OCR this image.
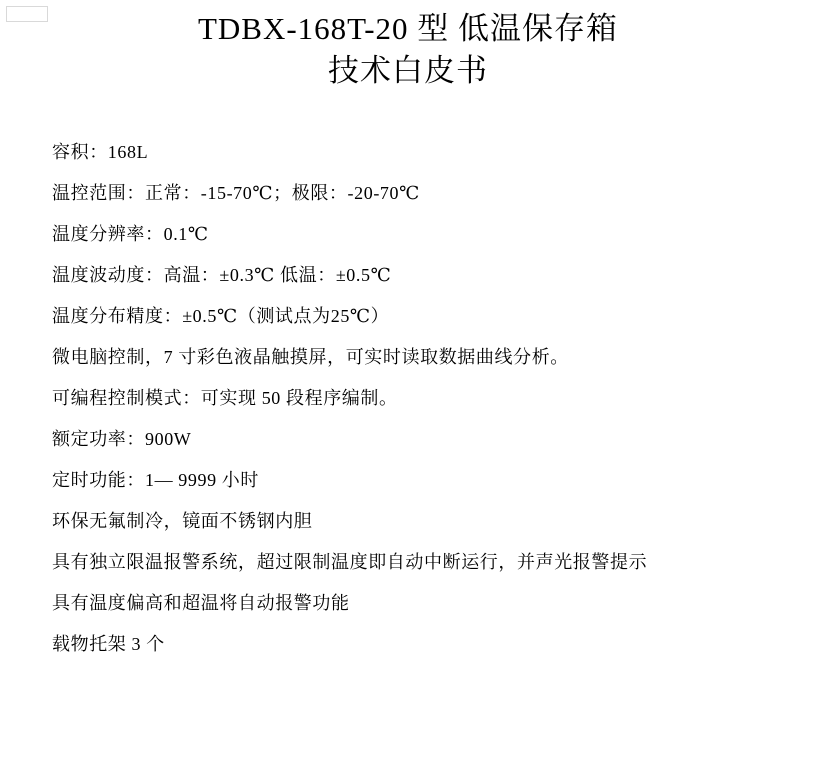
TDBX-168T-20 型 低温保存箱
技术白皮书
容积：168L
温控范围：正常：-15-70℃；极限：-20-70℃
温度分辨率：0.1℃
温度波动度：高温：±0.3℃ 低温：±0.5℃
温度分布精度：±0.5℃（测试点为25℃）
微电脑控制，7 寸彩色液晶触摸屏，可实时读取数据曲线分析。
可编程控制模式：可实现 50 段程序编制。
额定功率：900W
定时功能：1— 9999 小时
环保无氟制冷，镜面不锈钢内胆
具有独立限温报警系统，超过限制温度即自动中断运行，并声光报警提示
具有温度偏高和超温将自动报警功能
载物托架 3 个
